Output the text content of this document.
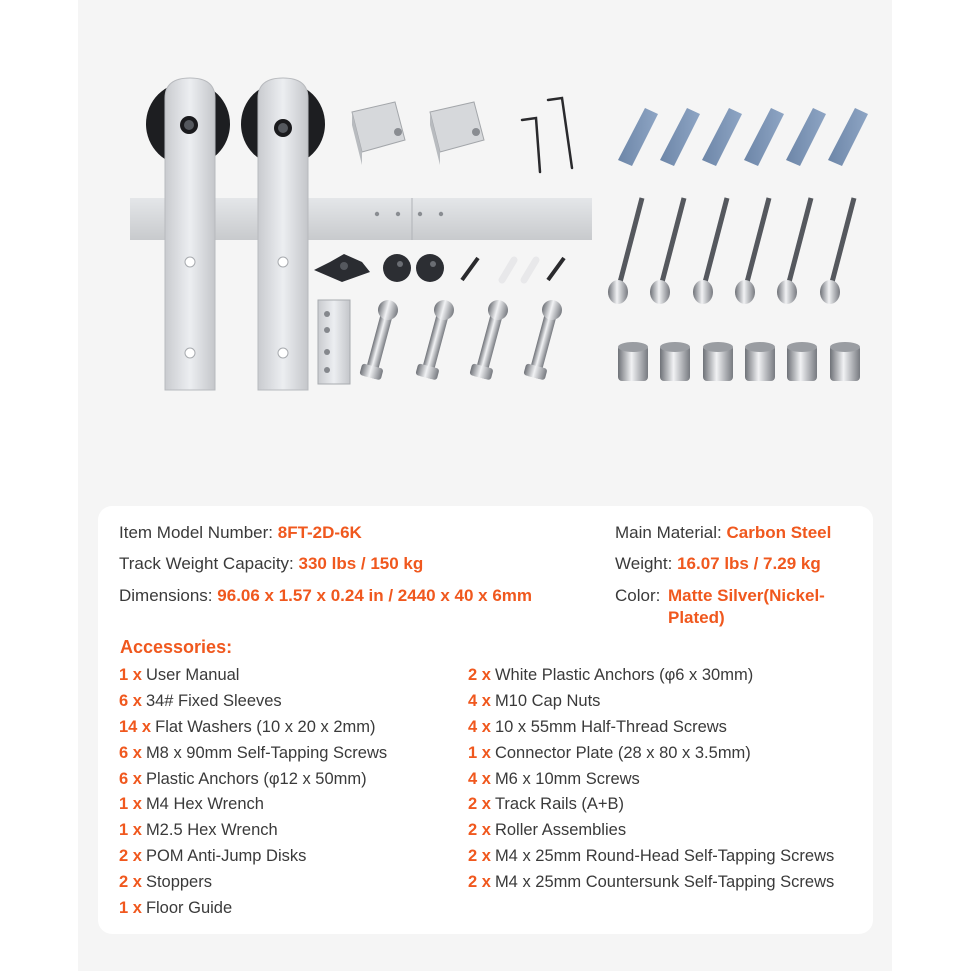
Item Model Number: 8FT-2D-6K
Track Weight Capacity: 330 lbs / 150 kg
Dimensions: 96.06 x 1.57 x 0.24 in / 2440 x 40 x 6mm
Main Material: Carbon Steel
Weight: 16.07 lbs / 7.29 kg
Color: Matte Silver(Nickel-
Plated)
Accessories:
1 x User Manual
6 x 34# Fixed Sleeves
14 x Flat Washers (10 x 20 x 2mm)
6 x M8 x 90mm Self-Tapping Screws
6 x Plastic Anchors (φ12 x 50mm)
1 x M4 Hex Wrench
1 x M2.5 Hex Wrench
2 x POM Anti-Jump Disks
2 x Stoppers
1 x Floor Guide
2 x White Plastic Anchors (φ6 x 30mm)
4 x M10 Cap Nuts
4 x 10 x 55mm Half-Thread Screws
1 x Connector Plate (28 x 80 x 3.5mm)
4 x M6 x 10mm Screws
2 x Track Rails (A+B)
2 x Roller Assemblies
2 x M4 x 25mm Round-Head Self-Tapping Screws
2 x M4 x 25mm Countersunk Self-Tapping Screws
